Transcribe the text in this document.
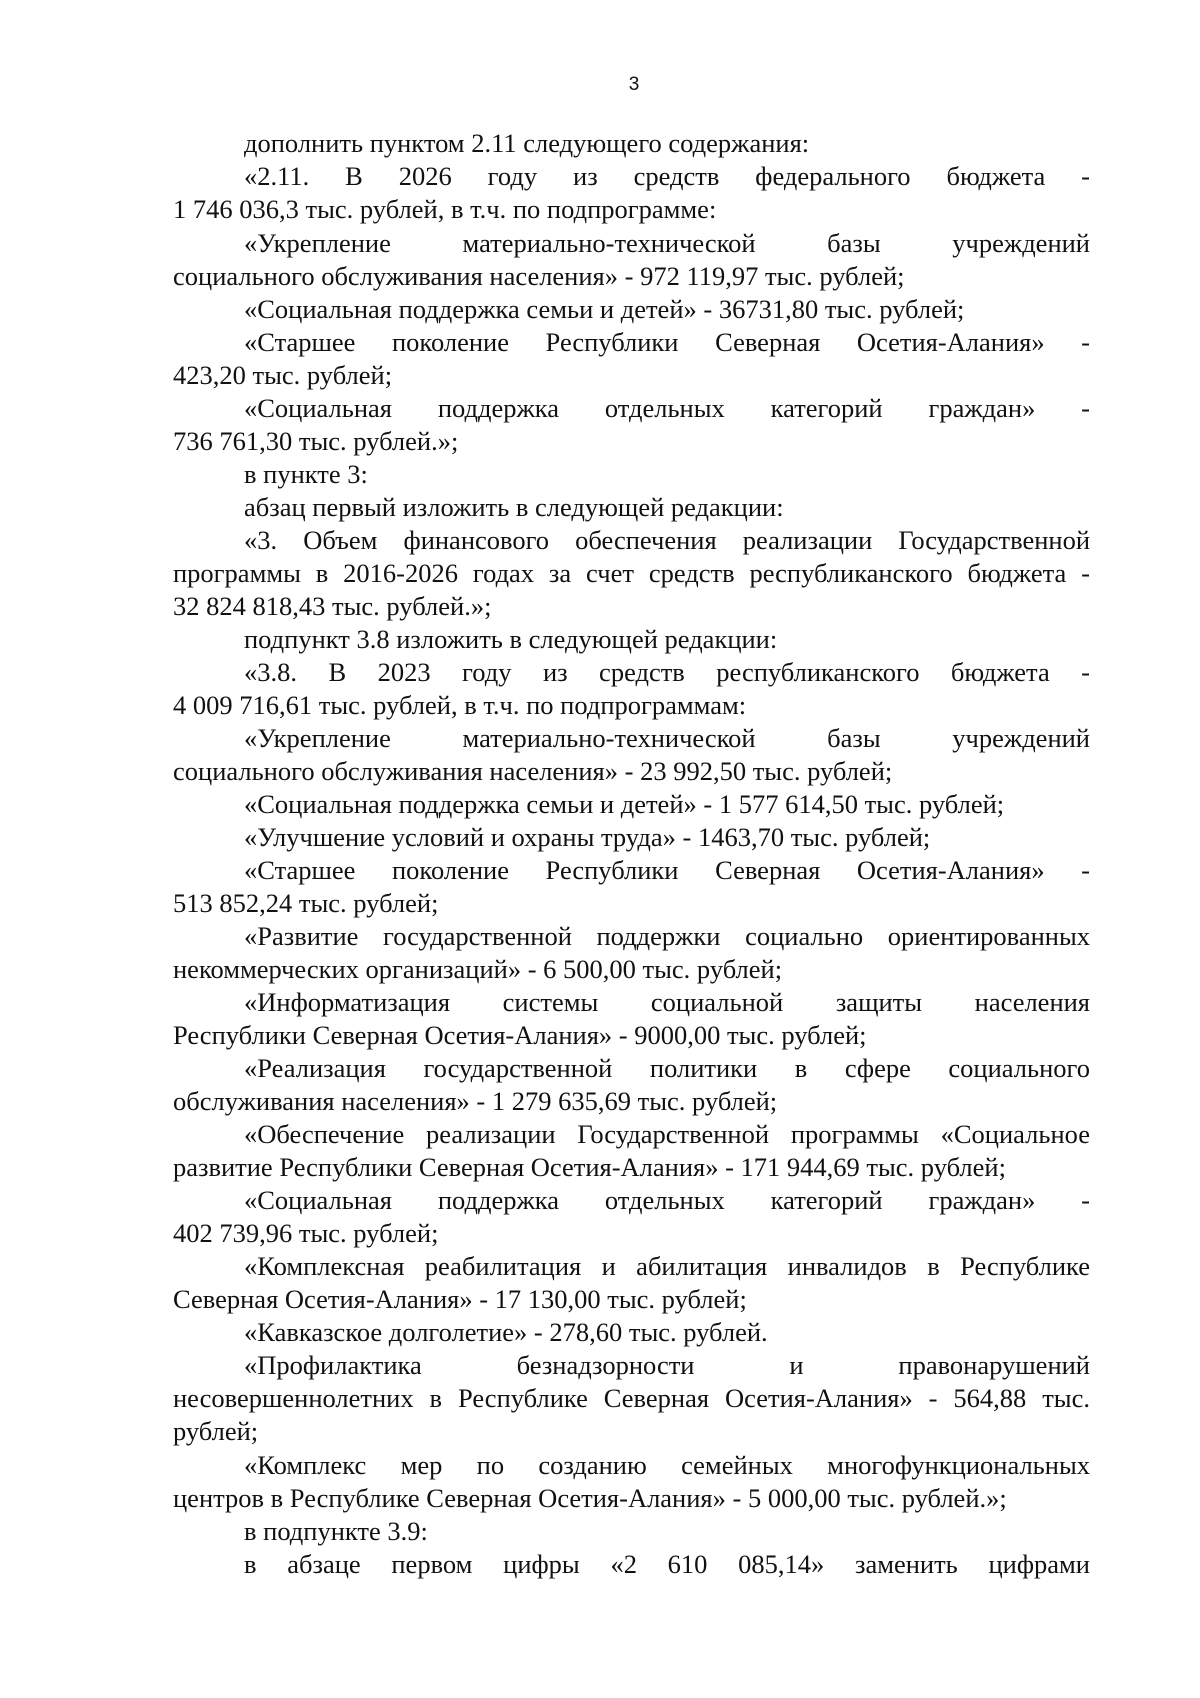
3
дополнить пунктом 2.11 следующего содержания:
«2.11. В 2026 году из средств федерального бюджета -
1 746 036,3 тыс. рублей, в т.ч. по подпрограмме:
«Укрепление материально-технической базы учреждений
социального обслуживания населения» - 972 119,97 тыс. рублей;
«Социальная поддержка семьи и детей» - 36731,80 тыс. рублей;
«Старшее поколение Республики Северная Осетия-Алания» -
423,20 тыс. рублей;
«Социальная поддержка отдельных категорий граждан» -
736 761,30 тыс. рублей.»;
в пункте 3:
абзац первый изложить в следующей редакции:
«3. Объем финансового обеспечения реализации Государственной
программы в 2016-2026 годах за счет средств республиканского бюджета -
32 824 818,43 тыс. рублей.»;
подпункт 3.8 изложить в следующей редакции:
«3.8. В 2023 году из средств республиканского бюджета -
4 009 716,61 тыс. рублей, в т.ч. по подпрограммам:
«Укрепление материально-технической базы учреждений
социального обслуживания населения» - 23 992,50 тыс. рублей;
«Социальная поддержка семьи и детей» - 1 577 614,50 тыс. рублей;
«Улучшение условий и охраны труда» - 1463,70 тыс. рублей;
«Старшее поколение Республики Северная Осетия-Алания» -
513 852,24 тыс. рублей;
«Развитие государственной поддержки социально ориентированных
некоммерческих организаций» - 6 500,00 тыс. рублей;
«Информатизация системы социальной защиты населения
Республики Северная Осетия-Алания» - 9000,00 тыс. рублей;
«Реализация государственной политики в сфере социального
обслуживания населения» - 1 279 635,69 тыс. рублей;
«Обеспечение реализации Государственной программы «Социальное
развитие Республики Северная Осетия-Алания» - 171 944,69 тыс. рублей;
«Социальная поддержка отдельных категорий граждан» -
402 739,96 тыс. рублей;
«Комплексная реабилитация и абилитация инвалидов в Республике
Северная Осетия-Алания» - 17 130,00 тыс. рублей;
«Кавказское долголетие» - 278,60 тыс. рублей.
«Профилактика безнадзорности и правонарушений
несовершеннолетних в Республике Северная Осетия-Алания» - 564,88 тыс.
рублей;
«Комплекс мер по созданию семейных многофункциональных
центров в Республике Северная Осетия-Алания» - 5 000,00 тыс. рублей.»;
в подпункте 3.9:
в абзаце первом цифры «2 610 085,14» заменить цифрами
